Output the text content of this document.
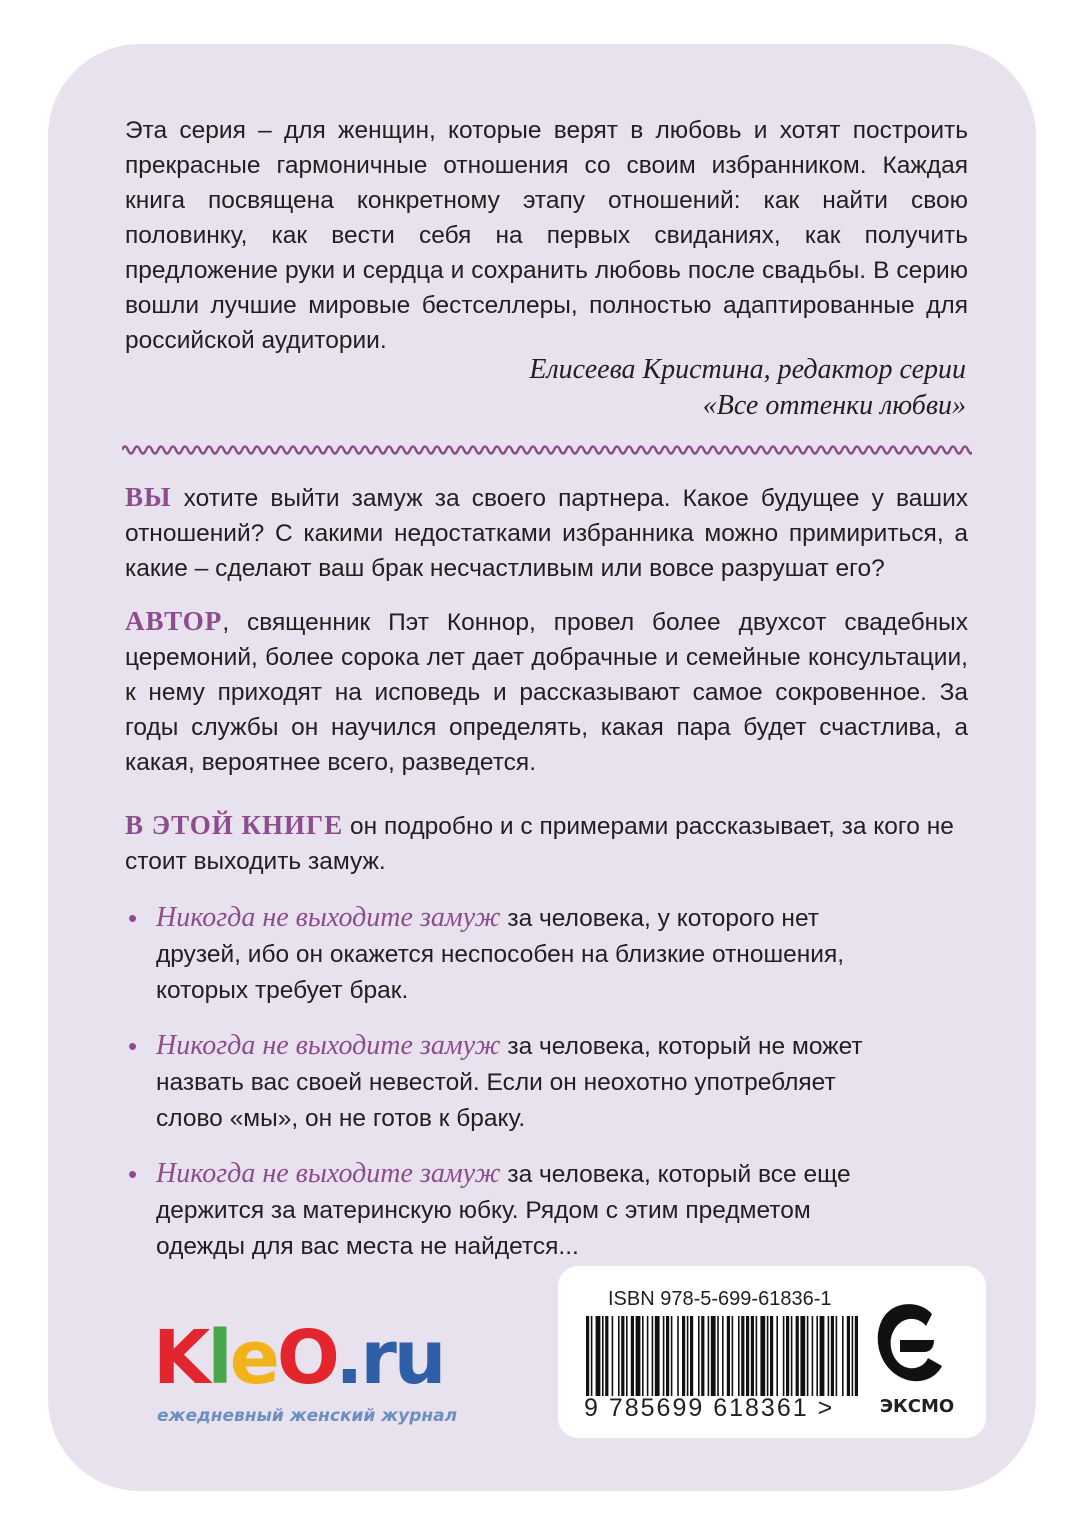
Эта серия – для женщин, которые верят в любовь и хотят построить прекрасные гармоничные отношения со своим избранником. Каждая книга посвящена конкретному этапу отношений: как найти свою половинку, как вести себя на первых свиданиях, как получить предложение руки и сердца и сохранить любовь после свадьбы. В серию вошли лучшие мировые бестселлеры, полностью адаптированные для российской аудитории.

Елисеева Кристина, редактор серии
«Все оттенки любви»

ВЫ хотите выйти замуж за своего партнера. Какое будущее у ваших отношений? С какими недостатками избранника можно примириться, а какие – сделают ваш брак несчастливым или вовсе разрушат его?

АВТОР, священник Пэт Коннор, провел более двухсот свадебных церемоний, более сорока лет дает добрачные и семейные консультации, к нему приходят на исповедь и рассказывают самое сокровенное. За годы службы он научился определять, какая пара будет счастлива, а какая, вероятнее всего, разведется.

В ЭТОЙ КНИГЕ он подробно и с примерами рассказывает, за кого не стоит выходить замуж.

• Никогда не выходите замуж за человека, у которого нет друзей, ибо он окажется неспособен на близкие отношения, которых требует брак.
• Никогда не выходите замуж за человека, который не может назвать вас своей невестой. Если он неохотно употребляет слово «мы», он не готов к браку.
• Никогда не выходите замуж за человека, который все еще держится за материнскую юбку. Рядом с этим предметом одежды для вас места не найдется...
KleO.ru
ежедневный женский журнал
ISBN 978-5-699-61836-1
9 785699 618361 >	ЭКСМО
